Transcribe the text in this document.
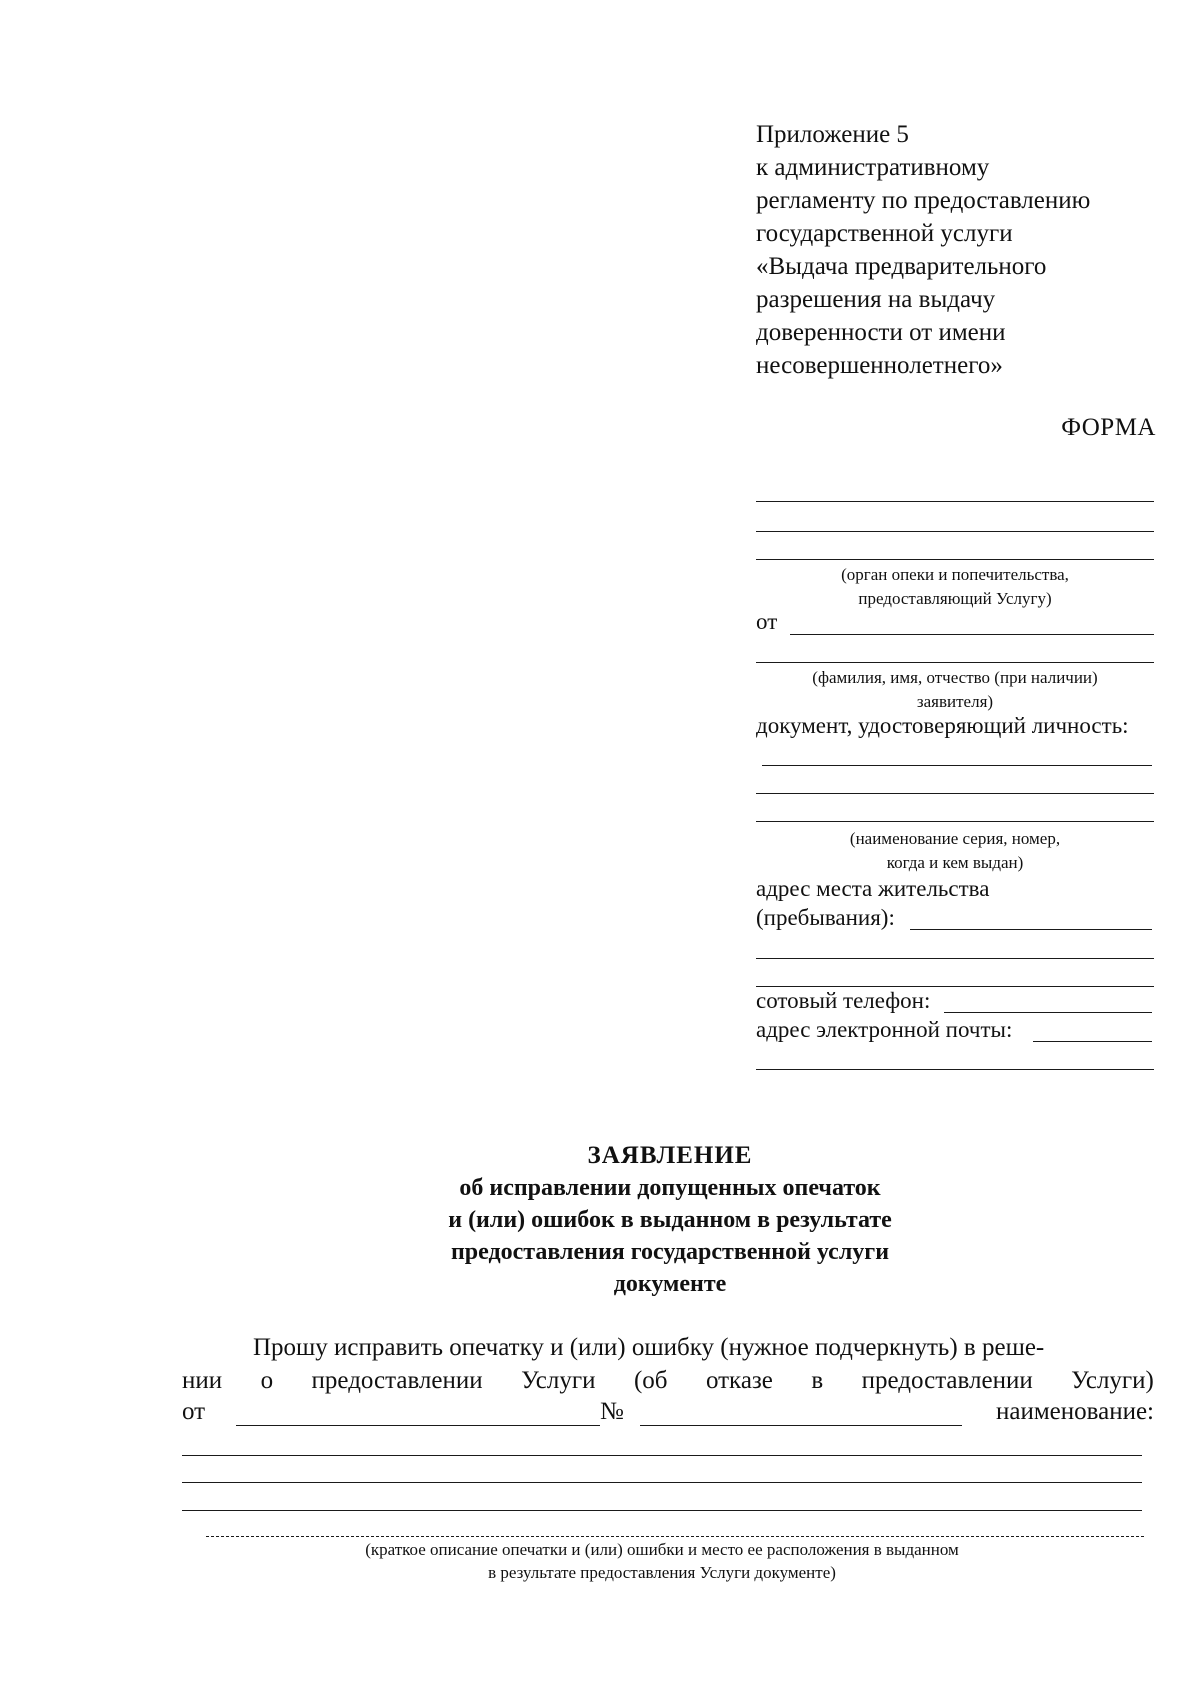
Приложение 5
к административному
регламенту по предоставлению
государственной услуги
«Выдача предварительного
разрешения на выдачу
доверенности от имени
несовершеннолетнего»
ФОРМА
(орган опеки и попечительства,
предоставляющий Услугу)
от
(фамилия, имя, отчество (при наличии)
заявителя)
документ, удостоверяющий личность:
(наименование серия, номер,
когда и кем выдан)
адрес места жительства
(пребывания):
сотовый телефон:
адрес электронной почты:
ЗАЯВЛЕНИЕ
об исправлении допущенных опечаток
и (или) ошибок в выданном в результате
предоставления государственной услуги
документе
Прошу исправить опечатку и (или) ошибку (нужное подчеркнуть) в реше-
нии о предоставлении Услуги (об отказе в предоставлении Услуги)
от	№	наименование:
(краткое описание опечатки и (или) ошибки и место ее расположения в выданном
в результате предоставления Услуги документе)
